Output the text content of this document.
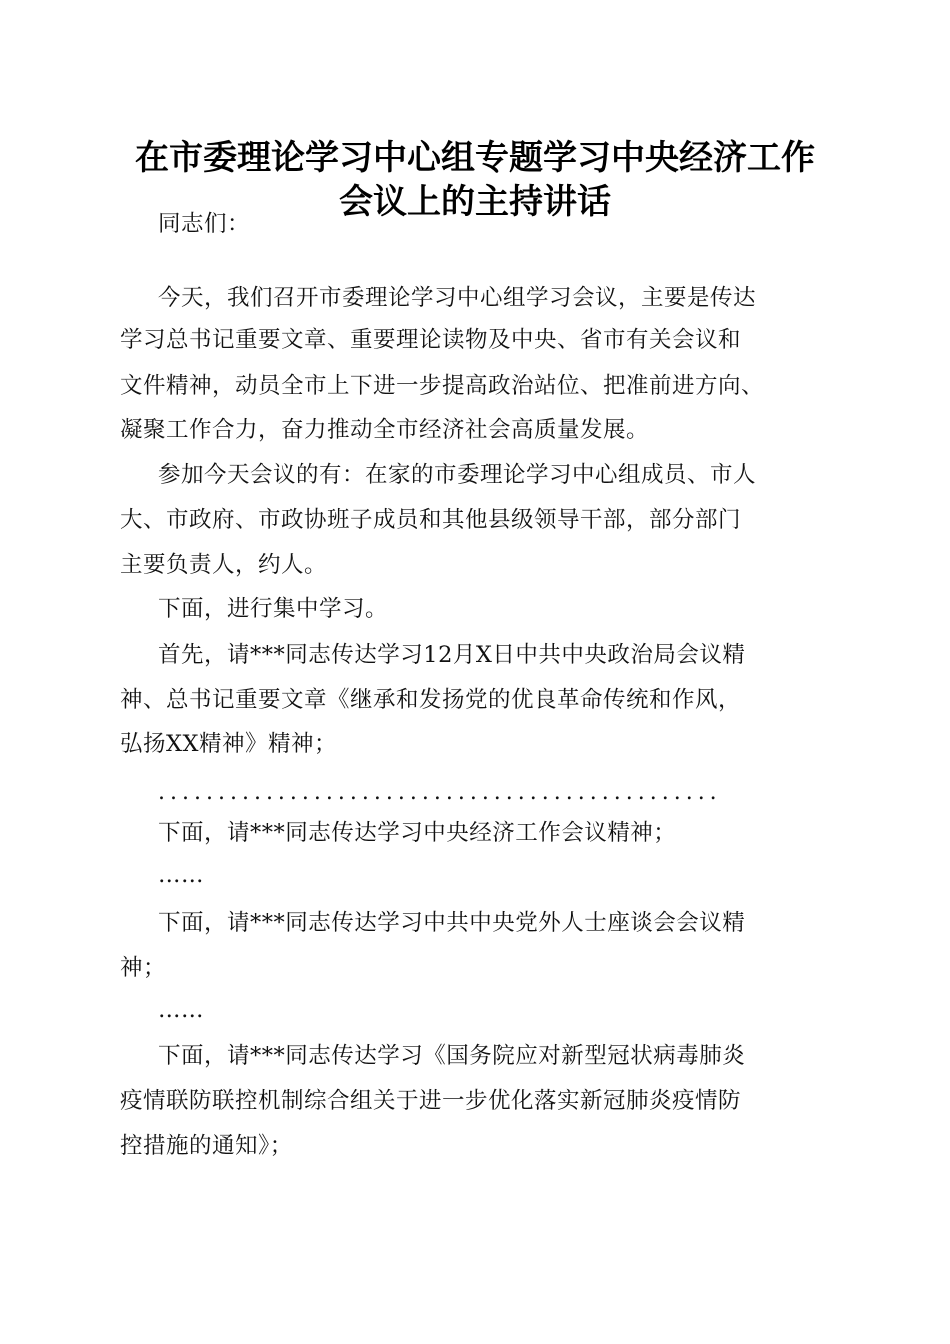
在市委理论学习中心组专题学习中央经济工作
会议上的主持讲话
同志们：
今天，我们召开市委理论学习中心组学习会议，主要是传达
学习总书记重要文章、重要理论读物及中央、省市有关会议和
文件精神，动员全市上下进一步提高政治站位、把准前进方向、
凝聚工作合力，奋力推动全市经济社会高质量发展。
参加今天会议的有：在家的市委理论学习中心组成员、市人
大、市政府、市政协班子成员和其他县级领导干部，部分部门
主要负责人，约人。
下面，进行集中学习。
首先，请***同志传达学习12月X日中共中央政治局会议精
神、总书记重要文章《继承和发扬党的优良革命传统和作风，
弘扬XX精神》精神；
...............................................
下面，请***同志传达学习中央经济工作会议精神；
……
下面，请***同志传达学习中共中央党外人士座谈会会议精
神；
……
下面，请***同志传达学习《国务院应对新型冠状病毒肺炎
疫情联防联控机制综合组关于进一步优化落实新冠肺炎疫情防
控措施的通知》；
